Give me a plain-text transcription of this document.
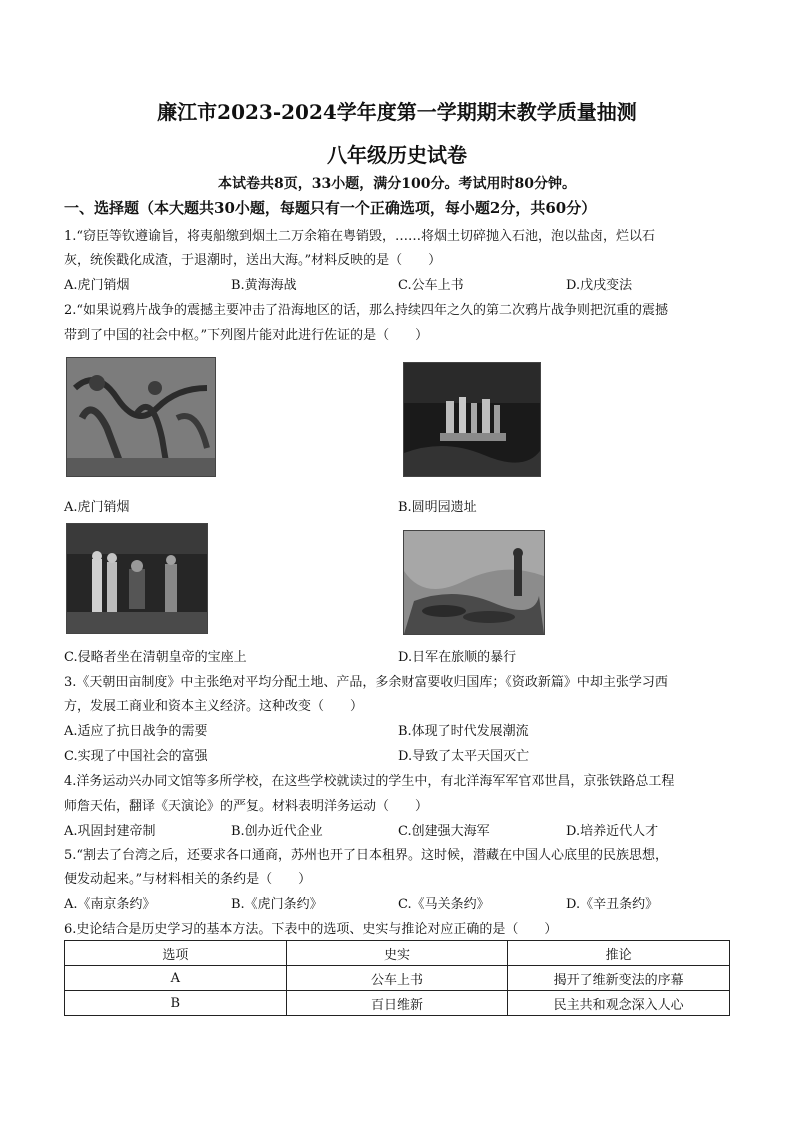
廉江市2023-2024学年度第一学期期末教学质量抽测
八年级历史试卷
本试卷共8页，33小题，满分100分。考试用时80分钟。
一、选择题（本大题共30小题，每题只有一个正确选项，每小题2分，共60分）
1.“窃臣等钦遵谕旨，将夷船缴到烟土二万余箱在粤销毁，……将烟土切碎抛入石池，泡以盐卤，烂以石
灰，统俟戳化成渣，于退潮时，送出大海。”材料反映的是（　　）
A.虎门销烟	B.黄海海战	C.公车上书	D.戊戌变法
2.“如果说鸦片战争的震撼主要冲击了沿海地区的话，那么持续四年之久的第二次鸦片战争则把沉重的震撼
带到了中国的社会中枢。”下列图片能对此进行佐证的是（　　）
A.虎门销烟	B.圆明园遗址
C.侵略者坐在清朝皇帝的宝座上	D.日军在旅顺的暴行
3.《天朝田亩制度》中主张绝对平均分配土地、产品，多余财富要收归国库；《资政新篇》中却主张学习西
方，发展工商业和资本主义经济。这种改变（　　）
A.适应了抗日战争的需要	B.体现了时代发展潮流
C.实现了中国社会的富强	D.导致了太平天国灭亡
4.洋务运动兴办同文馆等多所学校，在这些学校就读过的学生中，有北洋海军军官邓世昌，京张铁路总工程
师詹天佑，翻译《天演论》的严复。材料表明洋务运动（　　）
A.巩固封建帝制	B.创办近代企业	C.创建强大海军	D.培养近代人才
5.“割去了台湾之后，还要求各口通商，苏州也开了日本租界。这时候，潜藏在中国人心底里的民族思想，
便发动起来。”与材料相关的条约是（　　）
A.《南京条约》	B.《虎门条约》	C.《马关条约》	D.《辛丑条约》
6.史论结合是历史学习的基本方法。下表中的选项、史实与推论对应正确的是（　　）
选项	史实	推论
A	公车上书	揭开了维新变法的序幕
B	百日维新	民主共和观念深入人心
